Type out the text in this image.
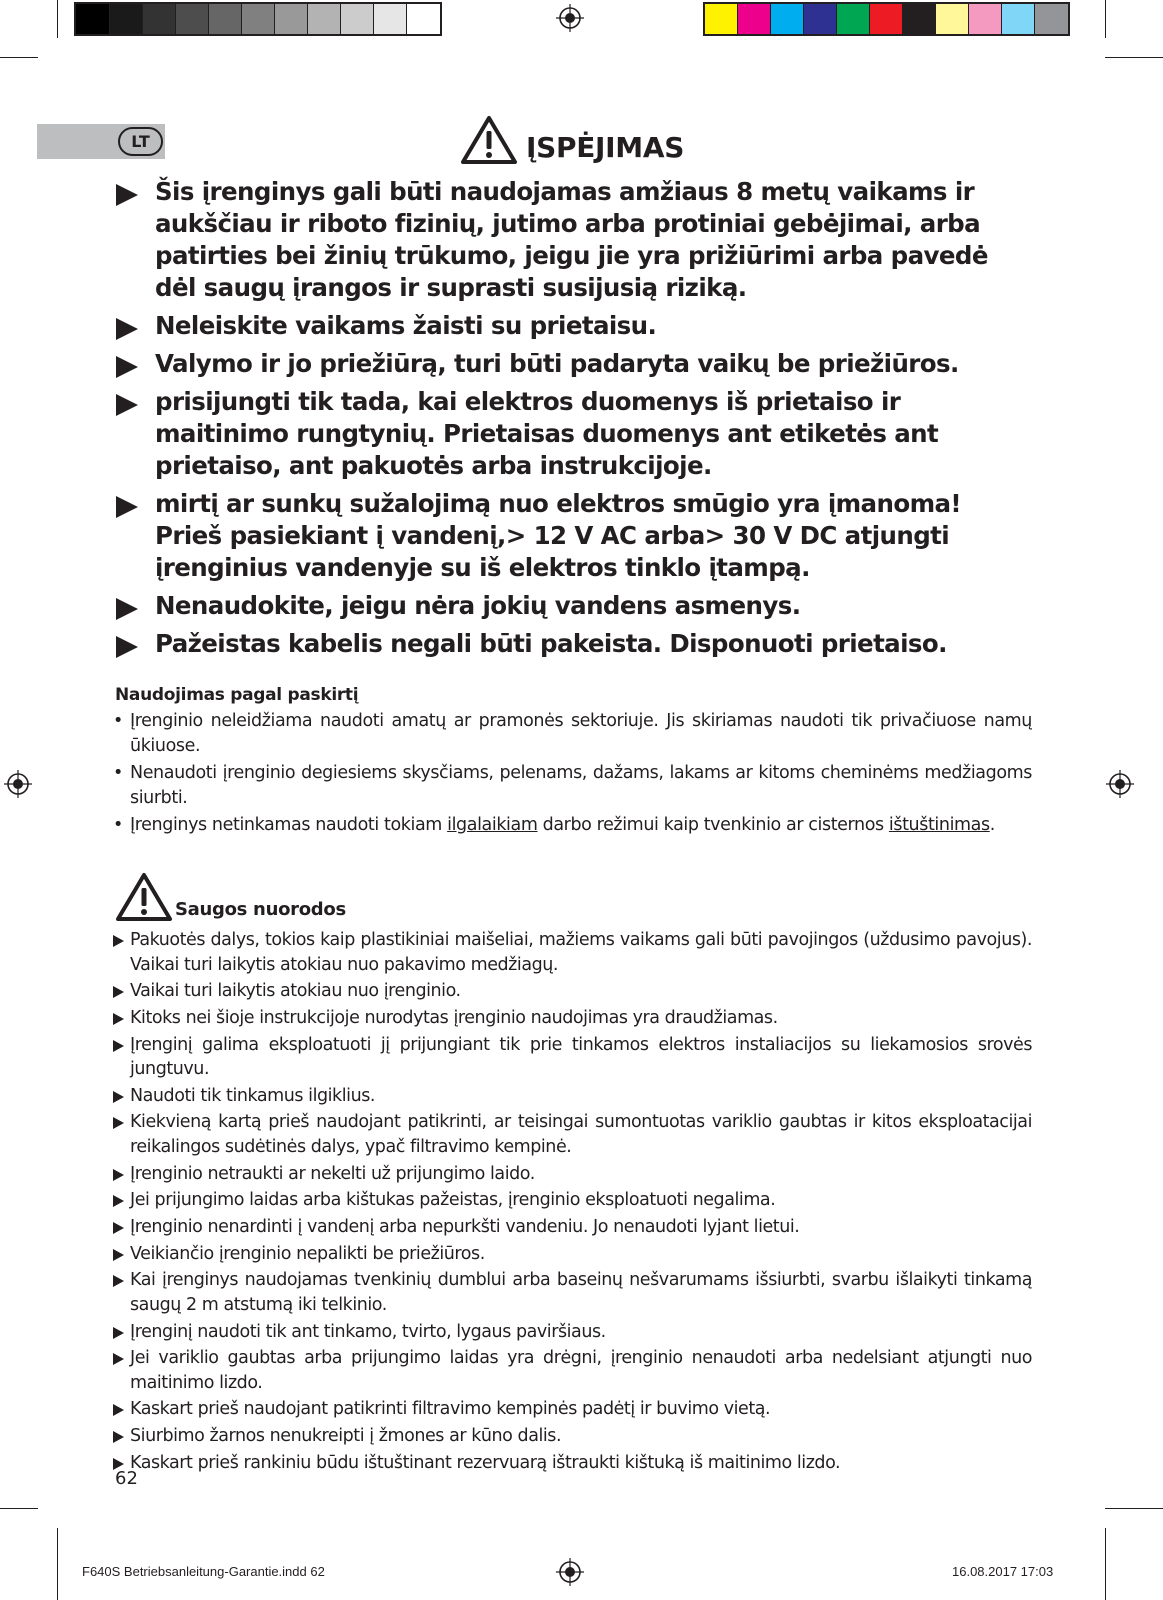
LT	ĮSPĖJIMAS
Šis įrenginys gali būti naudojamas amžiaus 8 metų vaikams ir aukščiau ir riboto fizinių, jutimo arba protiniai gebėjimai, arba patirties bei žinių trūkumo, jeigu jie yra prižiūrimi arba pavedė dėl saugų įrangos ir suprasti susijusią riziką.
Neleiskite vaikams žaisti su prietaisu.
Valymo ir jo priežiūrą, turi būti padaryta vaikų be priežiūros.
prisijungti tik tada, kai elektros duomenys iš prietaiso ir maitinimo rungtynių. Prietaisas duomenys ant etiketės ant prietaiso, ant pakuotės arba instrukcijoje.
mirtį ar sunkų sužalojimą nuo elektros smūgio yra įmanoma! Prieš pasiekiant į vandenį,> 12 V AC arba> 30 V DC atjungti įrenginius vandenyje su iš elektros tinklo įtampą.
Nenaudokite, jeigu nėra jokių vandens asmenys.
Pažeistas kabelis negali būti pakeista. Disponuoti prietaiso.
Naudojimas pagal paskirtį
• Įrenginio neleidžiama naudoti amatų ar pramonės sektoriuje. Jis skiriamas naudoti tik privačiuose namų ūkiuose.
• Nenaudoti įrenginio degiesiems skysčiams, pelenams, dažams, lakams ar kitoms cheminėms medžiagoms siurbti.
• Įrenginys netinkamas naudoti tokiam ilgalaikiam darbo režimui kaip tvenkinio ar cisternos ištuštinimas.
Saugos nuorodos
Pakuotės dalys, tokios kaip plastikiniai maišeliai, mažiems vaikams gali būti pavojingos (uždusimo pavojus). Vaikai turi laikytis atokiau nuo pakavimo medžiagų.
Vaikai turi laikytis atokiau nuo įrenginio.
Kitoks nei šioje instrukcijoje nurodytas įrenginio naudojimas yra draudžiamas.
Įrenginį galima eksploatuoti jį prijungiant tik prie tinkamos elektros instaliacijos su liekamosios srovės jungtuvu.
Naudoti tik tinkamus ilgiklius.
Kiekvieną kartą prieš naudojant patikrinti, ar teisingai sumontuotas variklio gaubtas ir kitos eksploatacijai reikalingos sudėtinės dalys, ypač filtravimo kempinė.
Įrenginio netraukti ar nekelti už prijungimo laido.
Jei prijungimo laidas arba kištukas pažeistas, įrenginio eksploatuoti negalima.
Įrenginio nenardinti į vandenį arba nepurkšti vandeniu. Jo nenaudoti lyjant lietui.
Veikiančio įrenginio nepalikti be priežiūros.
Kai įrenginys naudojamas tvenkinių dumblui arba baseinų nešvarumams išsiurbti, svarbu išlaikyti tinkamą saugų 2 m atstumą iki telkinio.
Įrenginį naudoti tik ant tinkamo, tvirto, lygaus paviršiaus.
Jei variklio gaubtas arba prijungimo laidas yra drėgni, įrenginio nenaudoti arba nedelsiant atjungti nuo maitinimo lizdo.
Kaskart prieš naudojant patikrinti filtravimo kempinės padėtį ir buvimo vietą.
Siurbimo žarnos nenukreipti į žmones ar kūno dalis.
Kaskart prieš rankiniu būdu ištuštinant rezervuarą ištraukti kištuką iš maitinimo lizdo.
62
F640S Betriebsanleitung-Garantie.indd 62	16.08.2017 17:03
